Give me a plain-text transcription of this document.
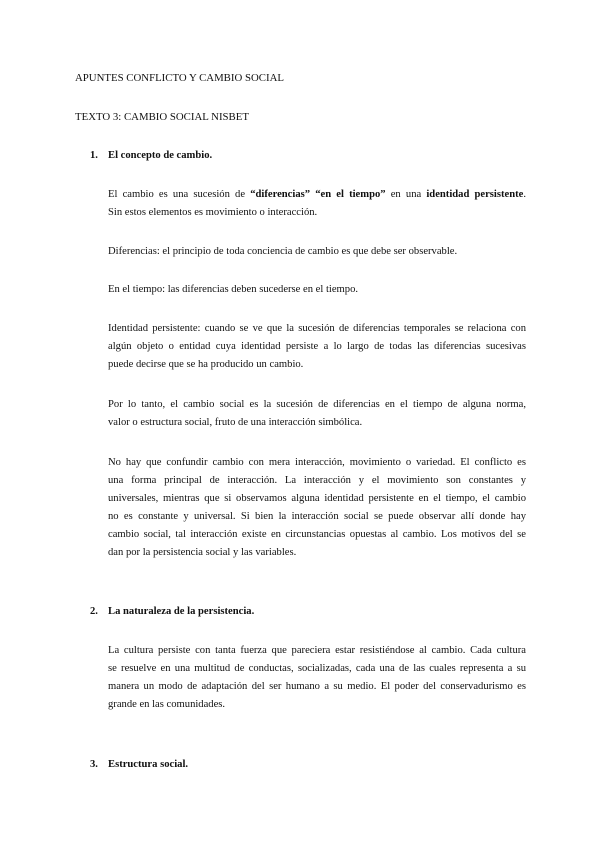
APUNTES CONFLICTO Y CAMBIO SOCIAL
TEXTO 3: CAMBIO SOCIAL NISBET
1. El concepto de cambio.
El cambio es una sucesión de “diferencias” “en el tiempo” en una identidad persistente.
Sin estos elementos es movimiento o interacción.
Diferencias: el principio de toda conciencia de cambio es que debe ser observable.
En el tiempo: las diferencias deben sucederse en el tiempo.
Identidad persistente: cuando se ve que la sucesión de diferencias temporales se relaciona con
algún objeto o entidad cuya identidad persiste a lo largo de todas las diferencias sucesivas
puede decirse que se ha producido un cambio.
Por lo tanto, el cambio social es la sucesión de diferencias en el tiempo de alguna norma,
valor o estructura social, fruto de una interacción simbólica.
No hay que confundir cambio con mera interacción, movimiento o variedad. El conflicto es
una forma principal de interacción. La interacción y el movimiento son constantes y
universales, mientras que si observamos alguna identidad persistente en el tiempo, el cambio
no es constante y universal. Si bien la interacción social se puede observar allí donde hay
cambio social, tal interacción existe en circunstancias opuestas al cambio. Los motivos del se
dan por la persistencia social y las variables.
2. La naturaleza de la persistencia.
La cultura persiste con tanta fuerza que pareciera estar resistiéndose al cambio. Cada cultura
se resuelve en una multitud de conductas, socializadas, cada una de las cuales representa a su
manera un modo de adaptación del ser humano a su medio. El poder del conservadurismo es
grande en las comunidades.
3. Estructura social.
